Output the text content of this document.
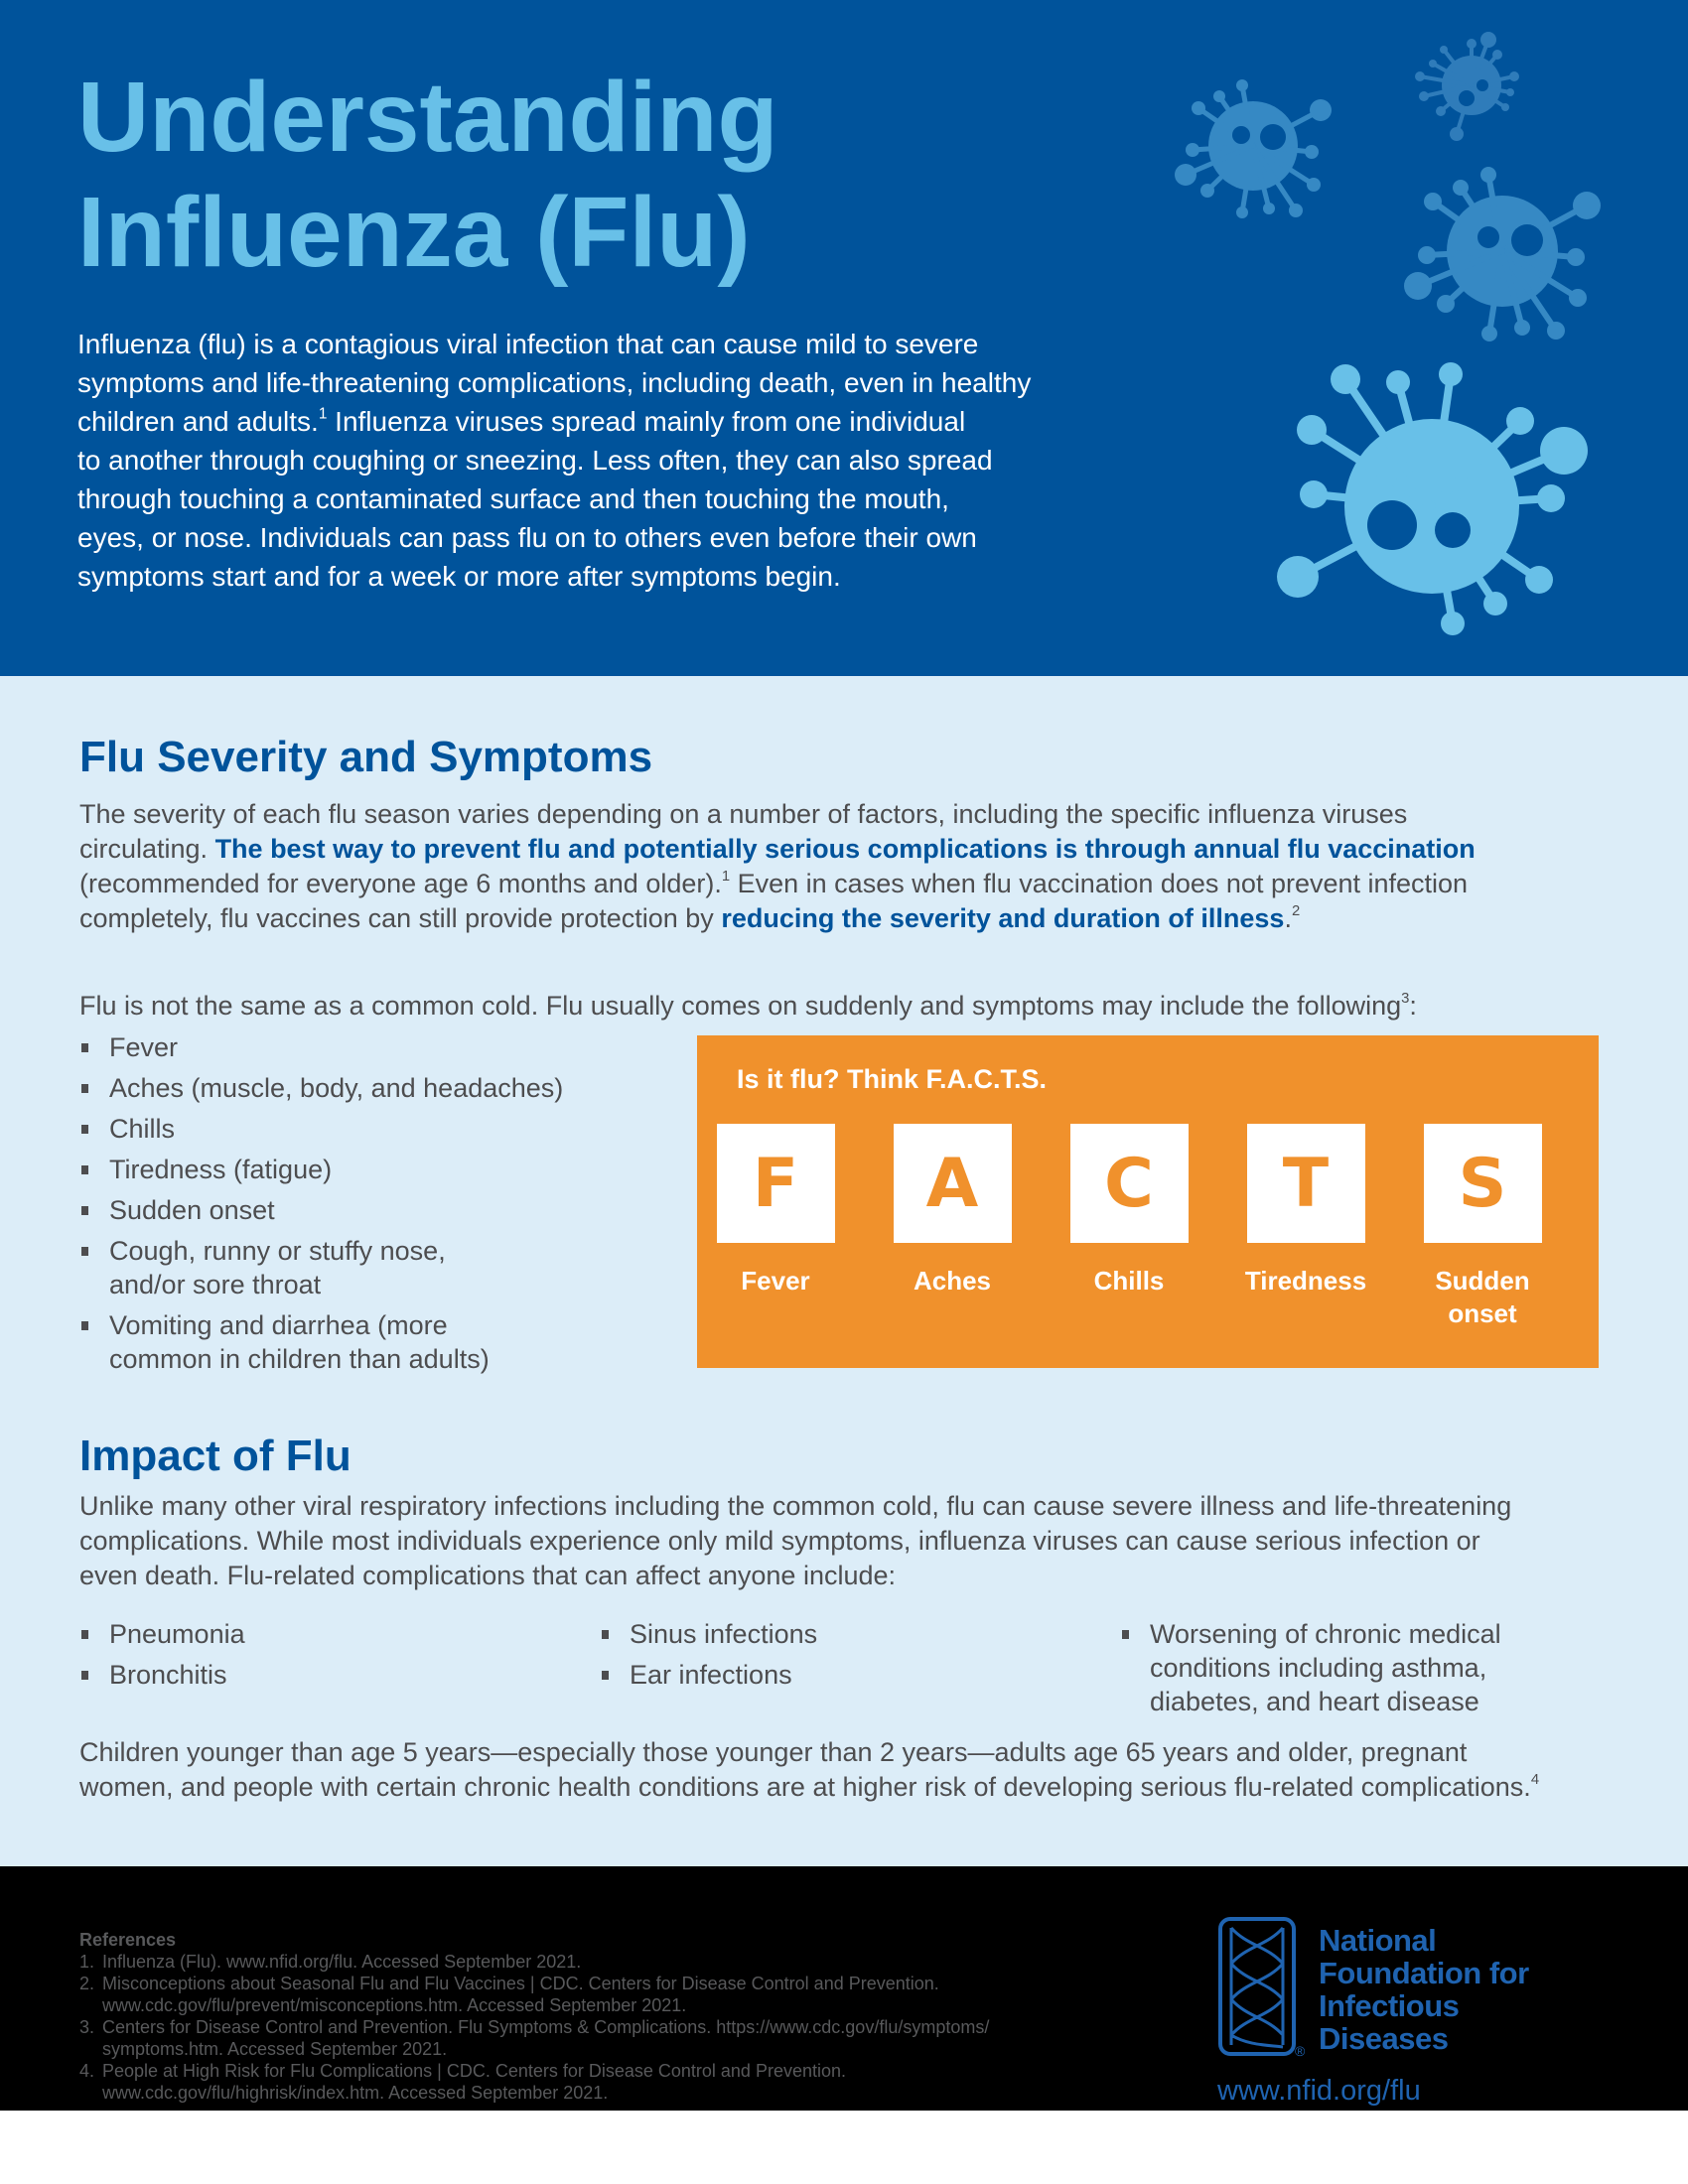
Understanding
Influenza (Flu)

Influenza (flu) is a contagious viral infection that can cause mild to severe
symptoms and life-threatening complications, including death, even in healthy
children and adults.$^1$ Influenza viruses spread mainly from one individual
to another through coughing or sneezing. Less often, they can also spread
through touching a contaminated surface and then touching the mouth,
eyes, or nose. Individuals can pass flu on to others even before their own
symptoms start and for a week or more after symptoms begin.

Flu Severity and Symptoms

The severity of each flu season varies depending on a number of factors, including the specific influenza viruses
circulating. The best way to prevent flu and potentially serious complications is through annual flu vaccination
(recommended for everyone age 6 months and older).$^1$ Even in cases when flu vaccination does not prevent infection
completely, flu vaccines can still provide protection by reducing the severity and duration of illness.$^2$

Flu is not the same as a common cold. Flu usually comes on suddenly and symptoms may include the following$^3$:

Fever
Aches (muscle, body, and headaches)
Chills
Tiredness (fatigue)
Sudden onset
Cough, runny or stuffy nose,
and/or sore throat
Vomiting and diarrhea (more
common in children than adults)

Is it flu? Think F.A.C.T.S.

F
Fever
A
Aches
C
Chills
T
Tiredness
S
Sudden
onset
Impact of Flu

Unlike many other viral respiratory infections including the common cold, flu can cause severe illness and life-threatening
complications. While most individuals experience only mild symptoms, influenza viruses can cause serious infection or
even death. Flu-related complications that can affect anyone include:

Pneumonia
Bronchitis
Sinus infections
Ear infections
Worsening of chronic medical
conditions including asthma,
diabetes, and heart disease

Children younger than age 5 years—especially those younger than 2 years—adults age 65 years and older, pregnant
women, and people with certain chronic health conditions are at higher risk of developing serious flu-related complications.$^4$

References

1. Influenza (Flu). www.nfid.org/flu. Accessed September 2021.
2. Misconceptions about Seasonal Flu and Flu Vaccines | CDC. Centers for Disease Control and Prevention.
www.cdc.gov/flu/prevent/misconceptions.htm. Accessed September 2021.
3. Centers for Disease Control and Prevention. Flu Symptoms & Complications. https://www.cdc.gov/flu/symptoms/
symptoms.htm. Accessed September 2021.
4. People at High Risk for Flu Complications | CDC. Centers for Disease Control and Prevention.
www.cdc.gov/flu/highrisk/index.htm. Accessed September 2021.
®

National
Foundation for
Infectious
Diseases

www.nfid.org/flu
